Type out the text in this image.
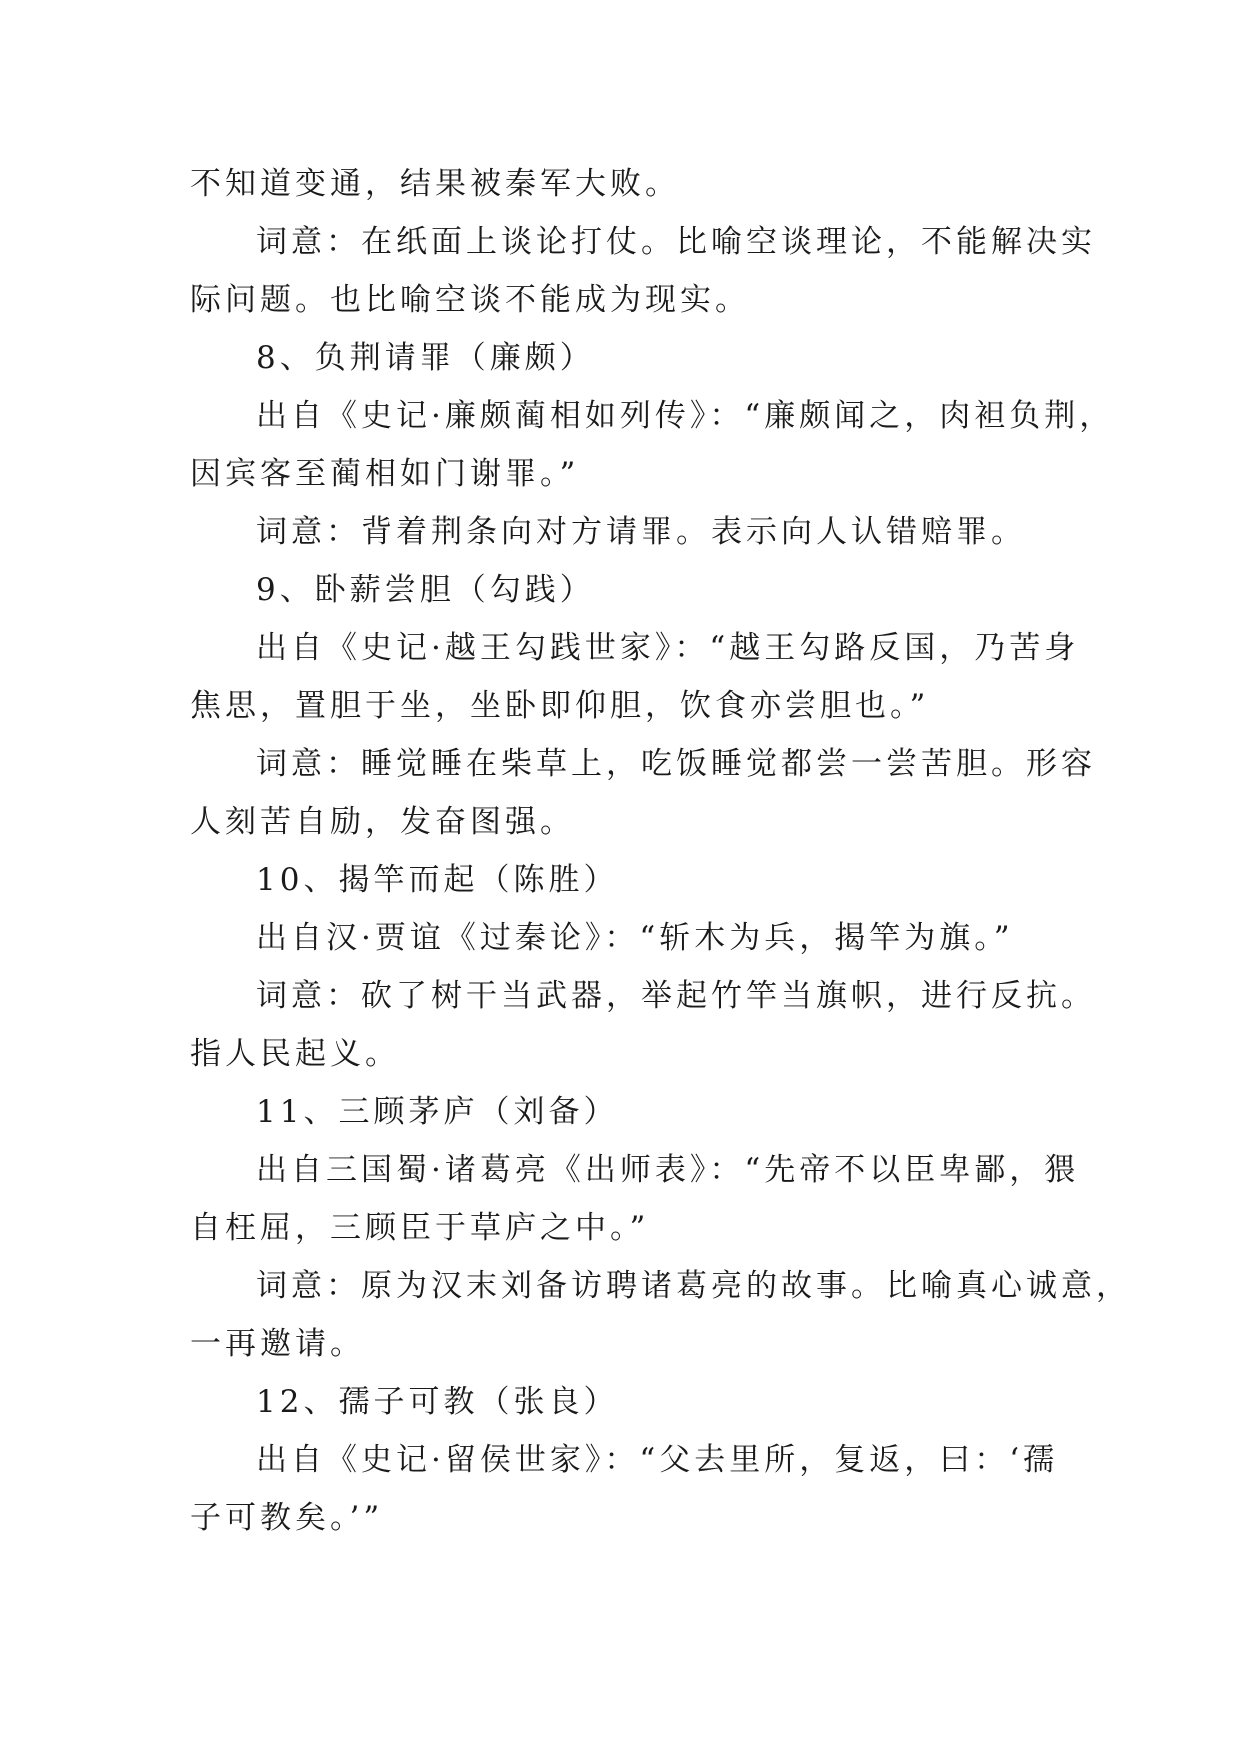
不知道变通，结果被秦军大败。
词意：在纸面上谈论打仗。比喻空谈理论，不能解决实
际问题。也比喻空谈不能成为现实。
8、负荆请罪（廉颇）
出自《史记·廉颇蔺相如列传》：“廉颇闻之，肉袒负荆，
因宾客至蔺相如门谢罪。”
词意：背着荆条向对方请罪。表示向人认错赔罪。
9、卧薪尝胆（勾践）
出自《史记·越王勾践世家》：“越王勾路反国，乃苦身
焦思，置胆于坐，坐卧即仰胆，饮食亦尝胆也。”
词意：睡觉睡在柴草上，吃饭睡觉都尝一尝苦胆。形容
人刻苦自励，发奋图强。
10、揭竿而起（陈胜）
出自汉·贾谊《过秦论》：“斩木为兵，揭竿为旗。”
词意：砍了树干当武器，举起竹竿当旗帜，进行反抗。
指人民起义。
11、三顾茅庐（刘备）
出自三国蜀·诸葛亮《出师表》：“先帝不以臣卑鄙，猥
自枉屈，三顾臣于草庐之中。”
词意：原为汉末刘备访聘诸葛亮的故事。比喻真心诚意，
一再邀请。
12、孺子可教（张良）
出自《史记·留侯世家》：“父去里所，复返，曰：‘孺
子可教矣。’”
